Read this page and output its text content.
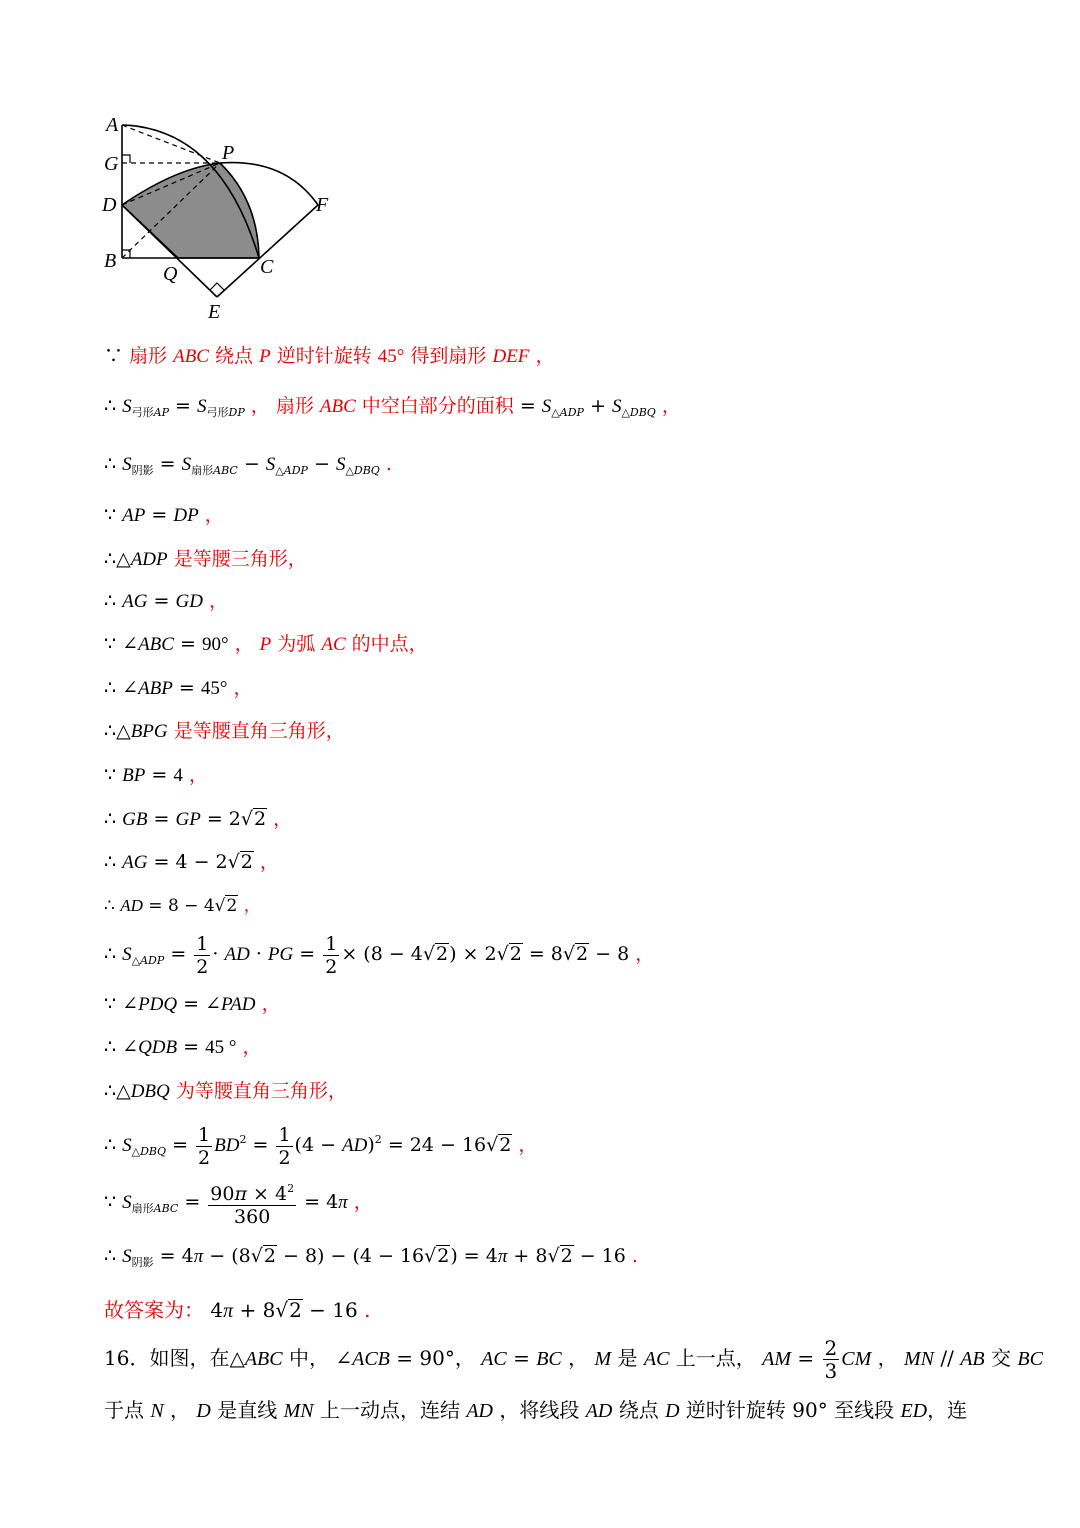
A
G
D
B
Q	C
E
F
P
∵ 扇形 ABC 绕点 P 逆时针旋转 45° 得到扇形 DEF ，
∴ $S_{弓形AP} = S_{弓形DP}$ ， 扇形 ABC 中空白部分的面积 = $S_{\triangle ADP} + S_{\triangle DBQ}$ ，
∴ $S_{阴影} = S_{扇形ABC} - S_{\triangle ADP} - S_{\triangle DBQ}$ .
∵ AP = DP ，
∴△ADP 是等腰三角形，
∴ AG = GD ，
∵ ∠ABC = 90° ， P 为弧 AC 的中点，
∴ ∠ABP = 45° ，
∴△BPG 是等腰直角三角形，
∵ BP = 4 ，
∴ GB = GP = 2√2 ，
∴ AG = 4 − 2√2 ，
∴ AD = 8 − 4√2 ，
∴ $S_{\triangle ADP} = \frac{1}{2}$ · AD · PG = $\frac{1}{2} \times (8 - 4√2) \times 2√2 = 8√2 - 8$ ，
∵ ∠PDQ = ∠PAD ，
∴ ∠QDB = 45 ° ，
∴△DBQ 为等腰直角三角形，
∴ $S_{\triangle DBQ} = \frac{1}{2} BD^2 = \frac{1}{2} (4 - AD)^2 = 24 - 16√2$ ，
∵ $S_{扇形ABC} = \frac{90\pi \times 4^2}{360} = 4\pi$ ，
∴ $S_{阴影} = 4\pi - (8√2 - 8) - (4 - 16√2) = 4\pi + 8√2 - 16$ .
故答案为： 4π + 8√2 − 16 .
16．如图，在△ABC 中， ∠ACB = 90°， AC = BC ， M 是 AC 上一点， AM = $\frac{2}{3}$ CM ， MN // AB 交 BC
于点 N ， D 是直线 MN 上一动点，连结 AD ，将线段 AD 绕点 D 逆时针旋转 90° 至线段 ED，连
